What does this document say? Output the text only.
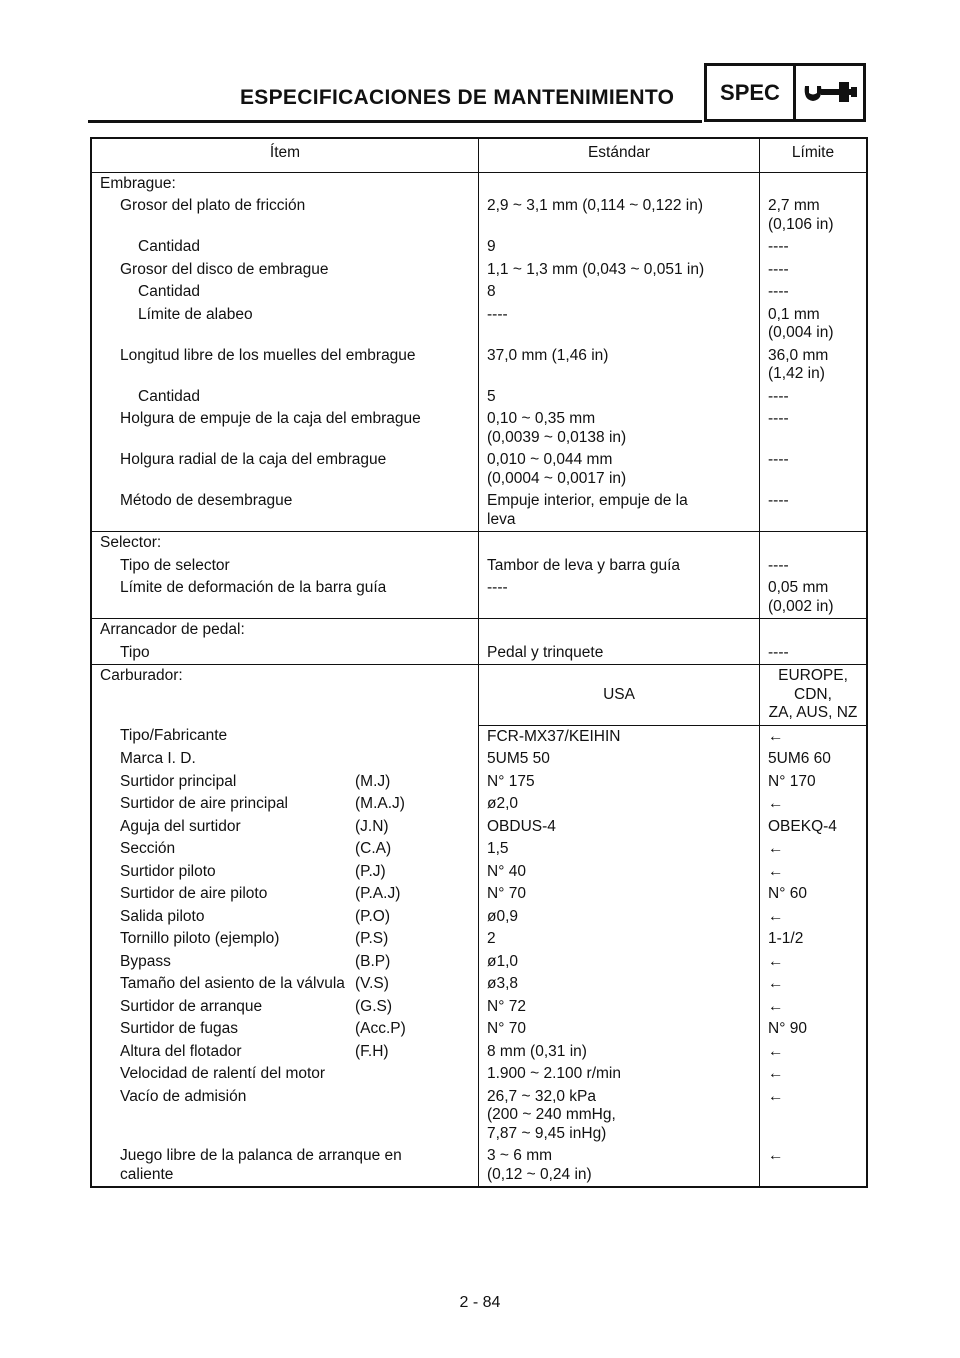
ESPECIFICACIONES DE MANTENIMIENTO	SPEC
Ítem	Estándar	Límite
Embrague:		
Grosor del plato de fricción	2,9 ~ 3,1 mm (0,114 ~ 0,122 in)	2,7 mm
(0,106 in)
Cantidad	9	----
Grosor del disco de embrague	1,1 ~ 1,3 mm (0,043 ~ 0,051 in)	----
Cantidad	8	----
Límite de alabeo	----	0,1 mm
(0,004 in)
Longitud libre de los muelles del embrague	37,0 mm (1,46 in)	36,0 mm
(1,42 in)
Cantidad	5	----
Holgura de empuje de la caja del embrague	0,10 ~ 0,35 mm
(0,0039 ~ 0,0138 in)	----
Holgura radial de la caja del embrague	0,010 ~ 0,044 mm
(0,0004 ~ 0,0017 in)	----
Método de desembrague	Empuje interior, empuje de la
leva	----
Selector:		
Tipo de selector	Tambor de leva y barra guía	----
Límite de deformación de la barra guía	----	0,05 mm
(0,002 in)
Arrancador de pedal:		
Tipo	Pedal y trinquete	----
Carburador:	USA	EUROPE, CDN,
ZA, AUS, NZ
Tipo/Fabricante	FCR-MX37/KEIHIN	←
Marca I. D.	5UM5 50	5UM6 60
Surtidor principal (M.J)	N° 175	N° 170
Surtidor de aire principal (M.A.J)	ø2,0	←
Aguja del surtidor (J.N)	OBDUS-4	OBEKQ-4
Sección (C.A)	1,5	←
Surtidor piloto (P.J)	N° 40	←
Surtidor de aire piloto (P.A.J)	N° 70	N° 60
Salida piloto (P.O)	ø0,9	←
Tornillo piloto (ejemplo) (P.S)	2	1-1/2
Bypass (B.P)	ø1,0	←
Tamaño del asiento de la válvula (V.S)	ø3,8	←
Surtidor de arranque (G.S)	N° 72	←
Surtidor de fugas (Acc.P)	N° 70	N° 90
Altura del flotador (F.H)	8 mm (0,31 in)	←
Velocidad de ralentí del motor	1.900 ~ 2.100 r/min	←
Vacío de admisión	26,7 ~ 32,0 kPa
(200 ~ 240 mmHg,
7,87 ~ 9,45 inHg)	←
Juego libre de la palanca de arranque en
caliente	3 ~ 6 mm
(0,12 ~ 0,24 in)	←
2 - 84
